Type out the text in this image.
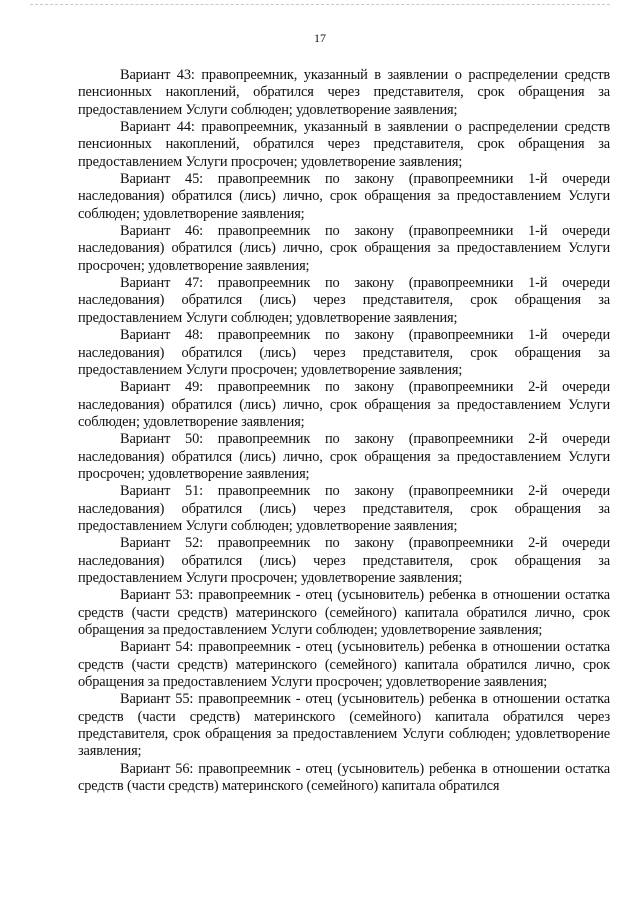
17

Вариант 43: правопреемник, указанный в заявлении о распределении средств пенсионных накоплений, обратился через представителя, срок обращения за предоставлением Услуги соблюден; удовлетворение заявления;

Вариант 44: правопреемник, указанный в заявлении о распределении средств пенсионных накоплений, обратился через представителя, срок обращения за предоставлением Услуги просрочен; удовлетворение заявления;

Вариант 45: правопреемник по закону (правопреемники 1-й очереди наследования) обратился (лись) лично, срок обращения за предоставлением Услуги соблюден; удовлетворение заявления;

Вариант 46: правопреемник по закону (правопреемники 1-й очереди наследования) обратился (лись) лично, срок обращения за предоставлением Услуги просрочен; удовлетворение заявления;

Вариант 47: правопреемник по закону (правопреемники 1-й очереди наследования) обратился (лись) через представителя, срок обращения за предоставлением Услуги соблюден; удовлетворение заявления;

Вариант 48: правопреемник по закону (правопреемники 1-й очереди наследования) обратился (лись) через представителя, срок обращения за предоставлением Услуги просрочен; удовлетворение заявления;

Вариант 49: правопреемник по закону (правопреемники 2-й очереди наследования) обратился (лись) лично, срок обращения за предоставлением Услуги соблюден; удовлетворение заявления;

Вариант 50: правопреемник по закону (правопреемники 2-й очереди наследования) обратился (лись) лично, срок обращения за предоставлением Услуги просрочен; удовлетворение заявления;

Вариант 51: правопреемник по закону (правопреемники 2-й очереди наследования) обратился (лись) через представителя, срок обращения за предоставлением Услуги соблюден; удовлетворение заявления;

Вариант 52: правопреемник по закону (правопреемники 2-й очереди наследования) обратился (лись) через представителя, срок обращения за предоставлением Услуги просрочен; удовлетворение заявления;

Вариант 53: правопреемник - отец (усыновитель) ребенка в отношении остатка средств (части средств) материнского (семейного) капитала обратился лично, срок обращения за предоставлением Услуги соблюден; удовлетворение заявления;

Вариант 54: правопреемник - отец (усыновитель) ребенка в отношении остатка средств (части средств) материнского (семейного) капитала обратился лично, срок обращения за предоставлением Услуги просрочен; удовлетворение заявления;

Вариант 55: правопреемник - отец (усыновитель) ребенка в отношении остатка средств (части средств) материнского (семейного) капитала обратился через представителя, срок обращения за предоставлением Услуги соблюден; удовлетворение заявления;

Вариант 56: правопреемник - отец (усыновитель) ребенка в отношении остатка средств (части средств) материнского (семейного) капитала обратился
